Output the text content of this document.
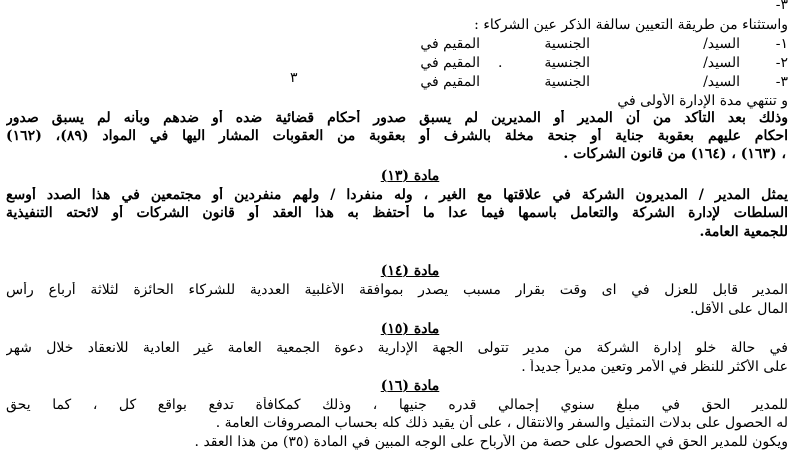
٣-
واستثناء من طريقة التعيين سالفة الذكر عين الشركاء :
١-
السيد/
الجنسية
المقيم في
٢-
السيد/
الجنسية
المقيم في .
٣-
السيد/
الجنسية
المقيم في
٣
و تنتهي مدة الإدارة الأولى في
وذلك بعد التأكد من أن المدير أو المديرين لم يسبق صدور أحكام قضائية ضده أو ضدهم وبأنه لم يسبق صدور
احكام عليهم بعقوبة جناية أو جنحة مخلة بالشرف أو بعقوبة من العقوبات المشار اليها في المواد (٨٩)، (١٦٢)
، (١٦٣) ، (١٦٤) من قانون الشركات .
مادة (١٣)
يمثل المدير / المديرون الشركة في علاقتها مع الغير ، وله منفردا / ولهم منفردين أو مجتمعين في هذا الصدد أوسع
السلطات لإدارة الشركة والتعامل باسمها فيما عدا ما أحتفظ به هذا العقد أو قانون الشركات أو لائحته التنفيذية
للجمعية العامة.
مادة (١٤)
المدير قابل للعزل في اى وقت بقرار مسبب يصدر بموافقة الأغلبية العددية للشركاء الحائزة لثلاثة أرباع رأس
المال على الأقل.
مادة (١٥)
في حالة خلو إدارة الشركة من مدير تتولى الجهة الإدارية دعوة الجمعية العامة غير العادية للانعقاد خلال شهر
على الأكثر للنظر في الأمر وتعين مديراً جديداً .
مادة (١٦)
للمدير الحق في مبلغ سنوي إجمالي قدره جنيها ، وذلك كمكافأة تدفع بواقع كل ، كما يحق
له الحصول على بدلات التمثيل والسفر والانتقال ، على أن يقيد ذلك كله بحساب المصروفات العامة .
ويكون للمدير الحق في الحصول على حصة من الأرباح على الوجه المبين في المادة (٣٥) من هذا العقد .
